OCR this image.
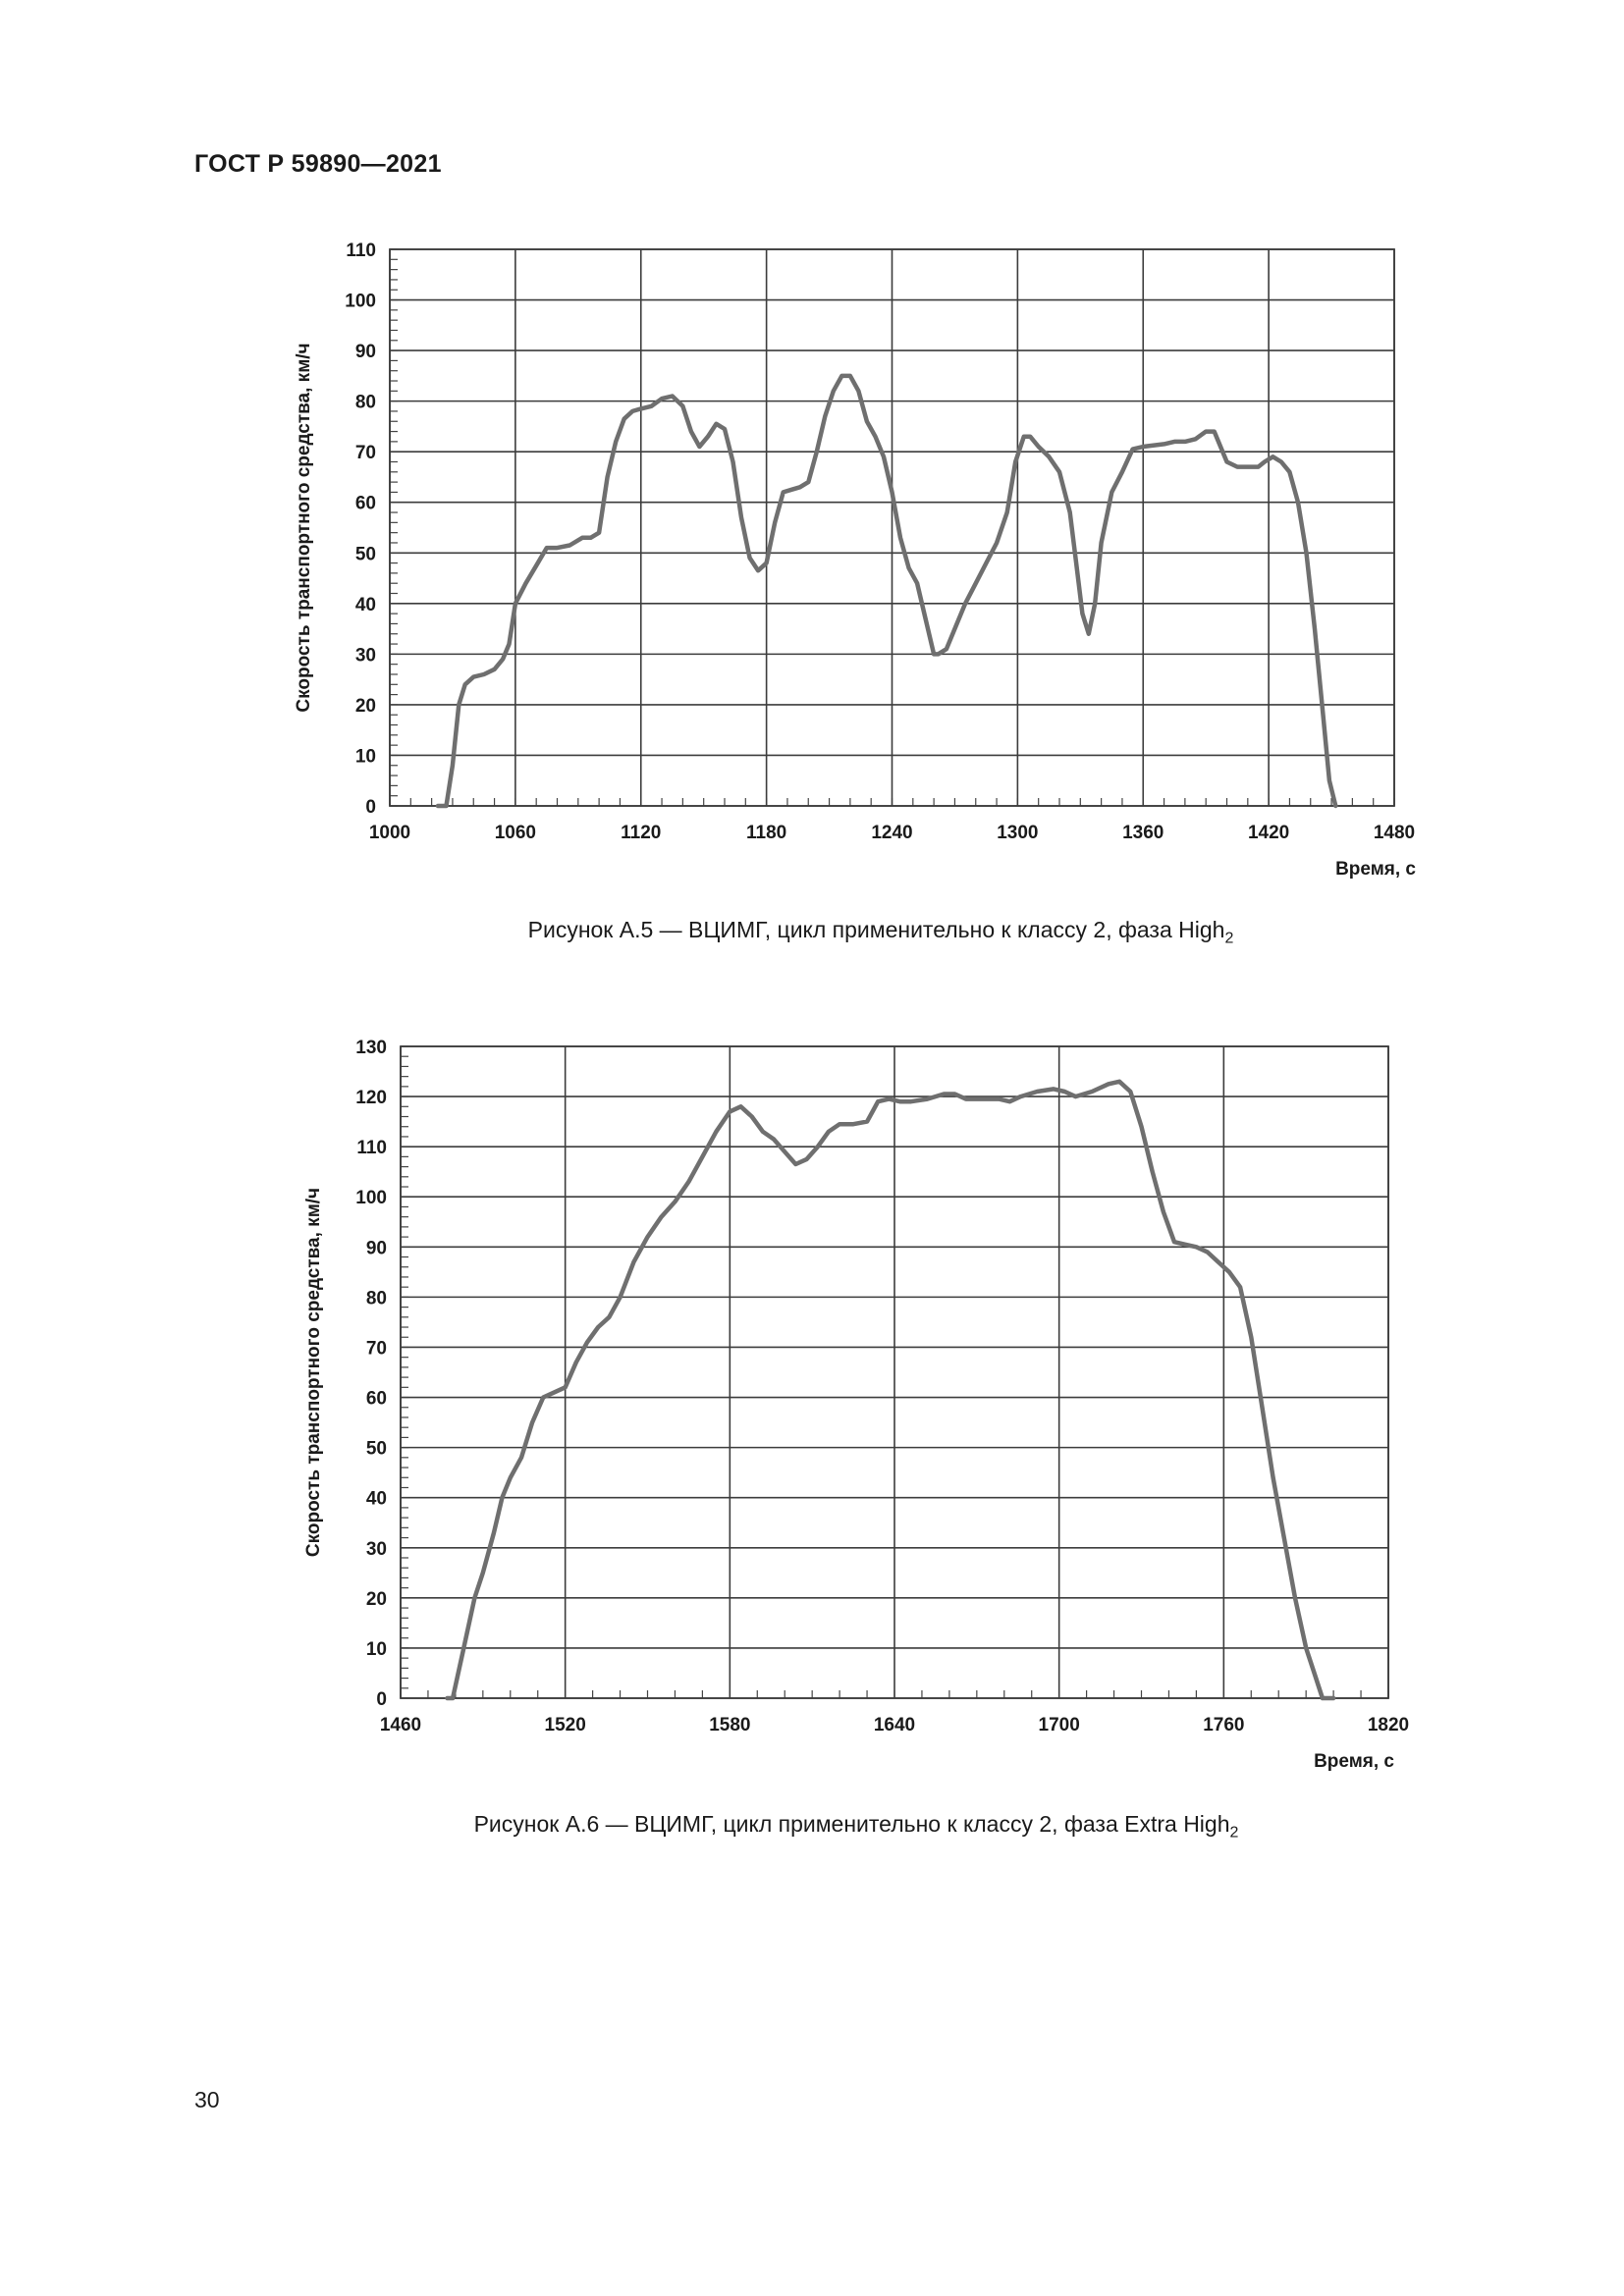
ГОСТ Р 59890—2021
0
10
20
30
40
50
60
70
80
90
100
110
1000	1060	1120	1180	1240	1300	1360	1420	1480
Время, с
Скорость транспортного средства, км/ч
Рисунок А.5 — ВЦИМГ, цикл применительно к классу 2, фаза High$_2$
0
10
20
30
40
50
60
70
80
90
100
110
120
130
1460	1520	1580	1640	1700	1760	1820
Время, с
Скорость транспортного средства, км/ч
Рисунок А.6 — ВЦИМГ, цикл применительно к классу 2, фаза Extra High$_2$
30
